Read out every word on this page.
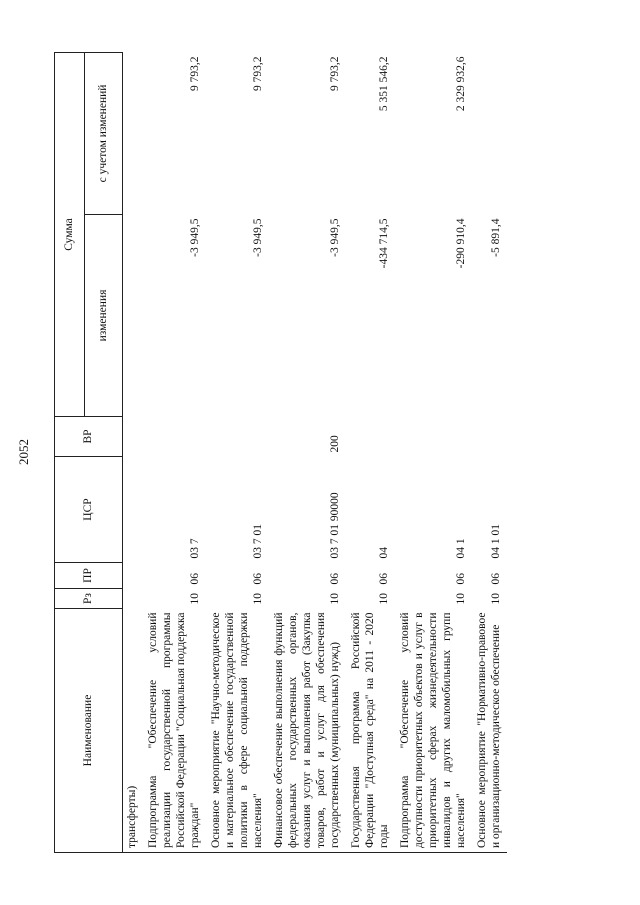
2052
Наименование	Рз	ПР	ЦСР	ВР	Сумма	
					изменения	с учетом изменений
трансферты)						
Подпрограмма "Обеспечение условий реализации государственной программы Российской Федерации "Социальная поддержка граждан"	10	06	03 7		-3 949,5	9 793,2
Основное мероприятие "Научно-методическое и материальное обеспечение государственной политики в сфере социальной поддержки населения"	10	06	03 7 01		-3 949,5	9 793,2
Финансовое обеспечение выполнения функций федеральных государственных органов, оказания услуг и выполнения работ (Закупка товаров, работ и услуг для обеспечения государственных (муниципальных) нужд)	10	06	03 7 01 90000	200	-3 949,5	9 793,2
Государственная программа Российской Федерации "Доступная среда" на 2011 - 2020 годы	10	06	04		-434 714,5	5 351 546,2
Подпрограмма "Обеспечение условий доступности приоритетных объектов и услуг в приоритетных сферах жизнедеятельности инвалидов и других маломобильных групп населения"	10	06	04 1		-290 910,4	2 329 932,6
Основное мероприятие "Нормативно-правовое и организационно-методическое обеспечение	10	06	04 1 01		-5 891,4	
